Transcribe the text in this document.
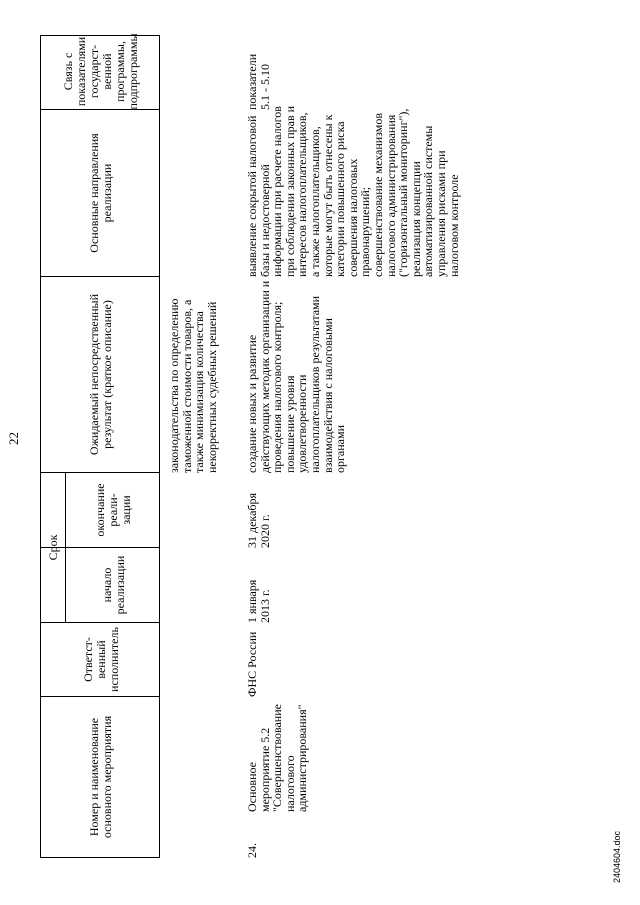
22
Номер и наименование основного мероприятия
Ответст-
венный
исполнитель
Срок
начало
реализации
окончание
реали-
зации
Ожидаемый непосредственный результат (краткое описание)
Основные направления реализации
Связь с
показателями
государст-
венной
программы,
подпрограммы
законодательства по определению таможенной стоимости товаров, а также минимизация количества некорректных судебных решений
24.
Основное мероприятие 5.2 "Совершенствование налогового администрирования"
ФНС России
1 января 2013 г.
31 декабря 2020 г.
создание новых и развитие действующих методик организации и проведения налогового контроля; повышение уровня удовлетворенности налогоплательщиков результатами взаимодействия с налоговыми органами
выявление сокрытой налоговой базы и недостоверной информации при расчете налогов при соблюдении законных прав и интересов налогоплательщиков, а также налогоплательщиков, которые могут быть отнесены к категории повышенного риска совершения налоговых правонарушений; совершенствование механизмов налогового администрирования ("горизонтальный мониторинг"), реализация концепции автоматизированной системы управления рисками при налоговом контроле
показатели 5.1 - 5.10
2404604.doc
